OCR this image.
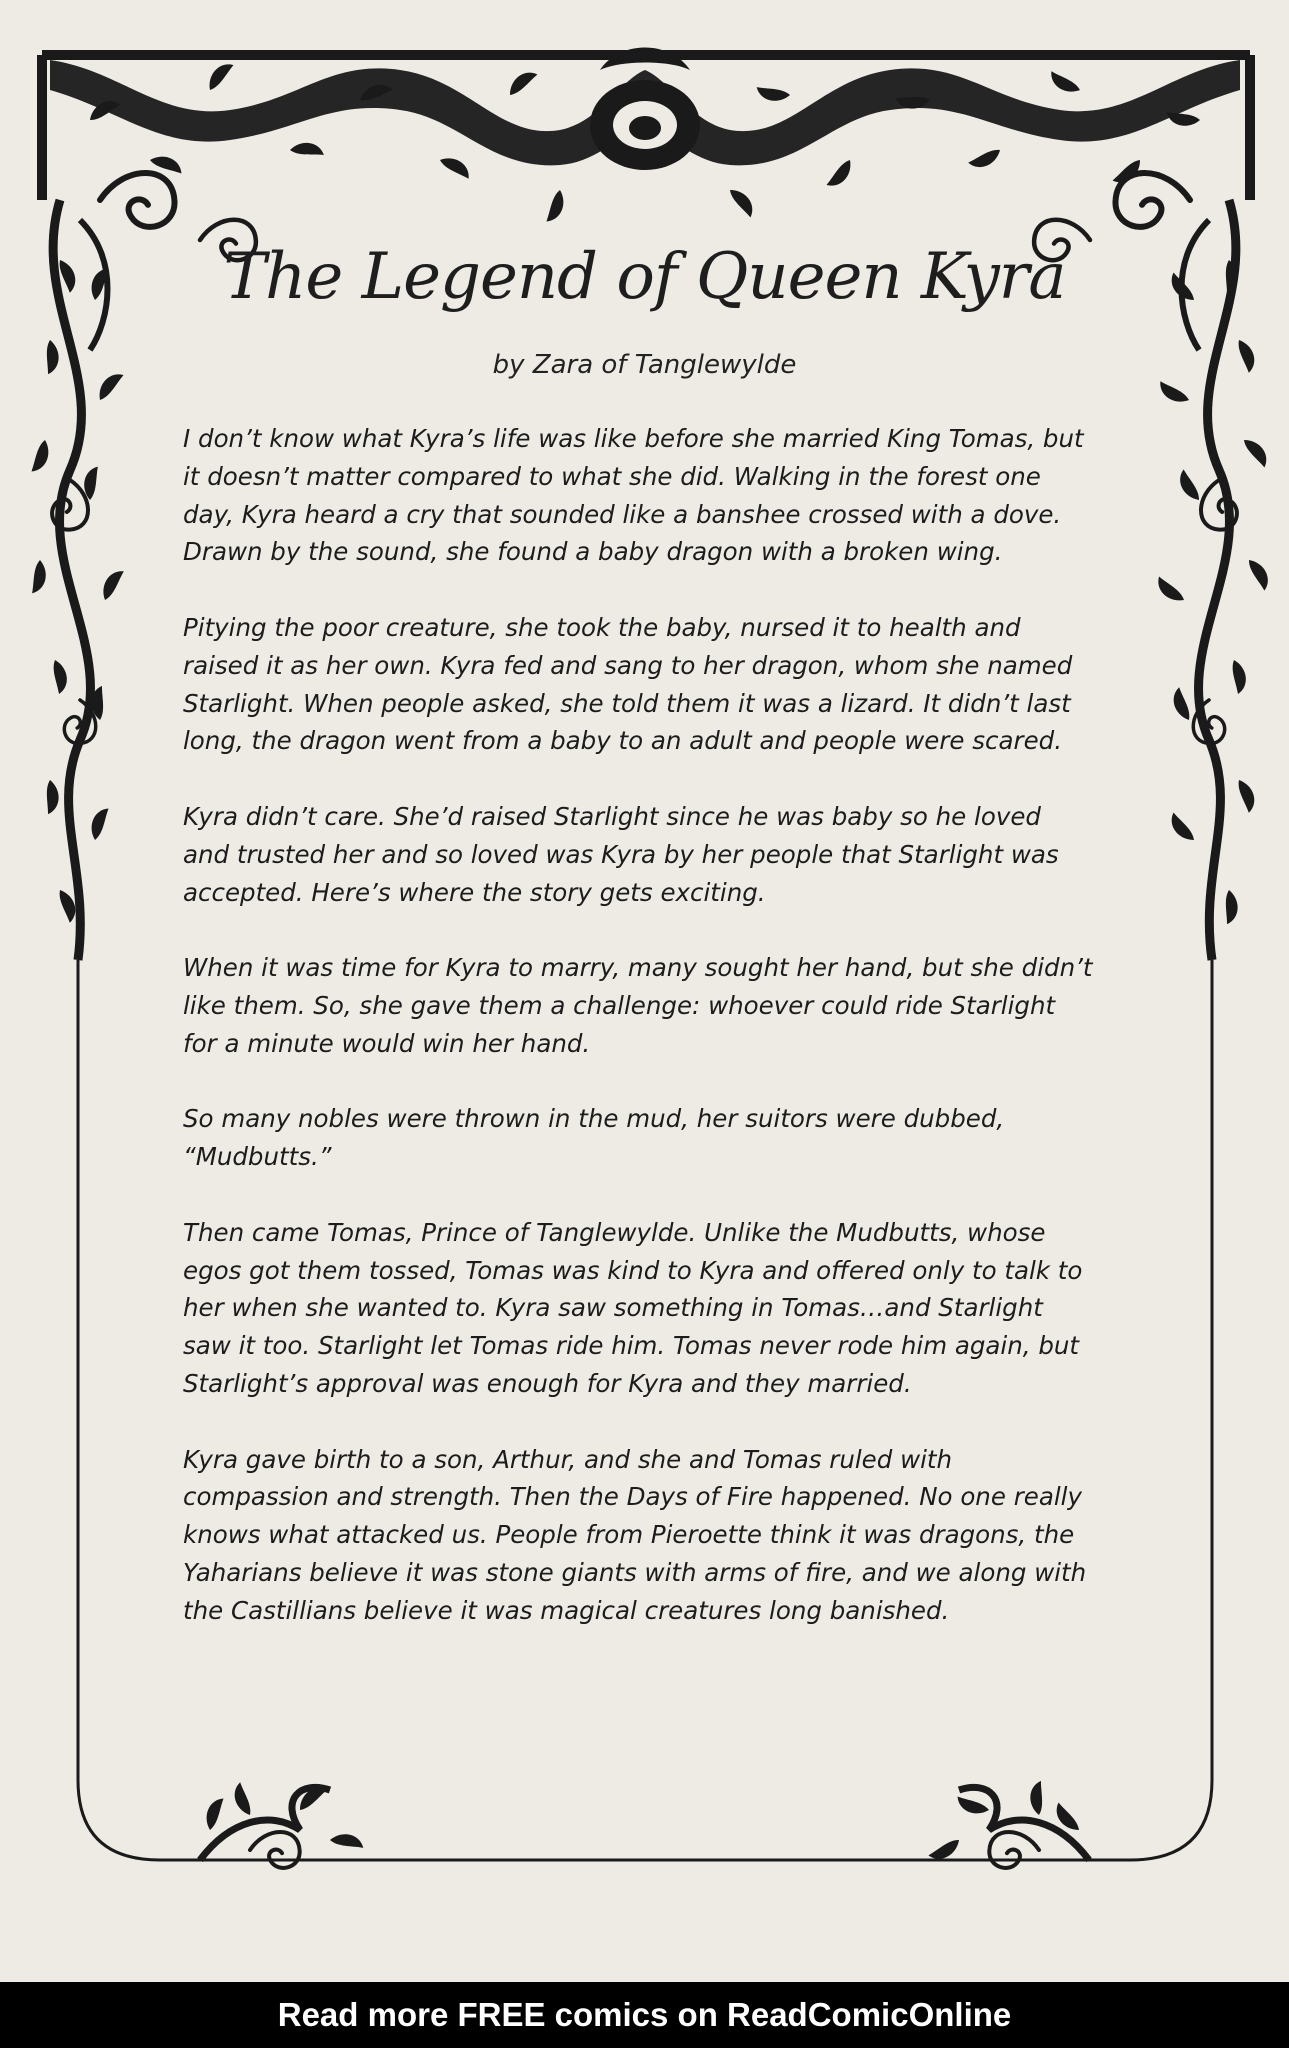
The Legend of Queen Kyra
by Zara of Tanglewylde

I don’t know what Kyra’s life was like before she married King Tomas, but it doesn’t matter compared to what she did. Walking in the forest one day, Kyra heard a cry that sounded like a banshee crossed with a dove. Drawn by the sound, she found a baby dragon with a broken wing.

Pitying the poor creature, she took the baby, nursed it to health and raised it as her own. Kyra fed and sang to her dragon, whom she named Starlight. When people asked, she told them it was a lizard. It didn’t last long, the dragon went from a baby to an adult and people were scared.

Kyra didn’t care. She’d raised Starlight since he was baby so he loved and trusted her and so loved was Kyra by her people that Starlight was accepted. Here’s where the story gets exciting.

When it was time for Kyra to marry, many sought her hand, but she didn’t like them. So, she gave them a challenge: whoever could ride Starlight for a minute would win her hand.

So many nobles were thrown in the mud, her suitors were dubbed, “Mudbutts.”

Then came Tomas, Prince of Tanglewylde. Unlike the Mudbutts, whose egos got them tossed, Tomas was kind to Kyra and offered only to talk to her when she wanted to. Kyra saw something in Tomas…and Starlight saw it too. Starlight let Tomas ride him. Tomas never rode him again, but Starlight’s approval was enough for Kyra and they married.

Kyra gave birth to a son, Arthur, and she and Tomas ruled with compassion and strength. Then the Days of Fire happened. No one really knows what attacked us. People from Pieroette think it was dragons, the Yaharians believe it was stone giants with arms of fire, and we along with the Castillians believe it was magical creatures long banished.

Read more FREE comics on ReadComicOnline
